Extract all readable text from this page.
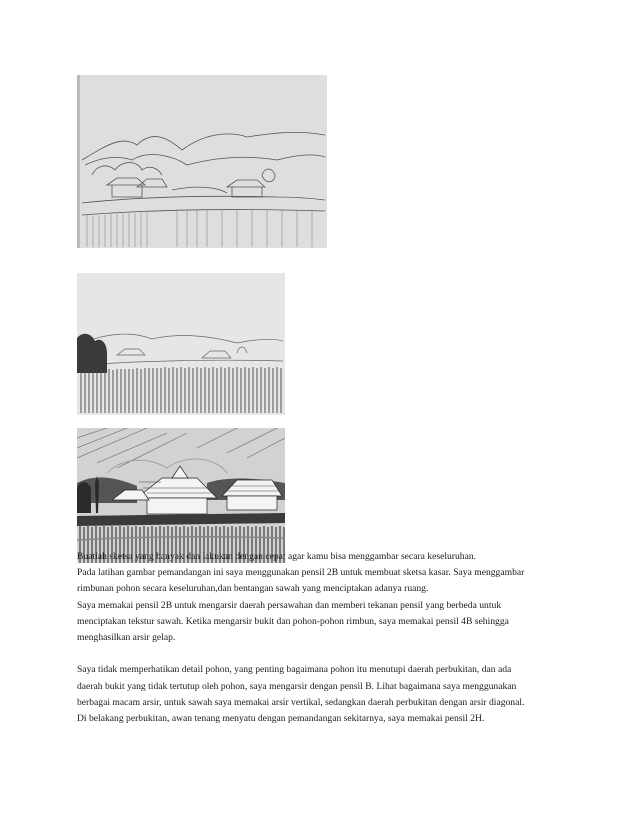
Buatlah sketsa yang banyak dan lakukan dengan cepat agar kamu bisa menggambar secara keseluruhan.

Pada latihan gambar pemandangan ini saya menggunakan pensil 2B untuk membuat sketsa kasar. Saya menggambar

rimbunan pohon secara keseluruhan,dan bentangan sawah yang menciptakan adanya ruang.

Saya memakai pensil 2B untuk mengarsir daerah persawahan dan memberi tekanan pensil yang berbeda untuk

menciptakan tekstur sawah. Ketika mengarsir bukit dan pohon-pohon rimbun, saya memakai pensil 4B sehingga

menghasilkan arsir gelap.

Saya tidak memperhatikan detail pohon, yang penting bagaimana pohon itu menutupi daerah perbukitan, dan ada

daerah bukit yang tidak tertutup oleh pohon, saya mengarsir dengan pensil B. Lihat bagaimana saya menggunakan

berbagai macam arsir, untuk sawah saya memakai arsir vertikal, sedangkan daerah perbukitan dengan arsir diagonal.

Di belakang perbukitan, awan tenang menyatu dengan pemandangan sekitarnya, saya memakai pensil 2H.
